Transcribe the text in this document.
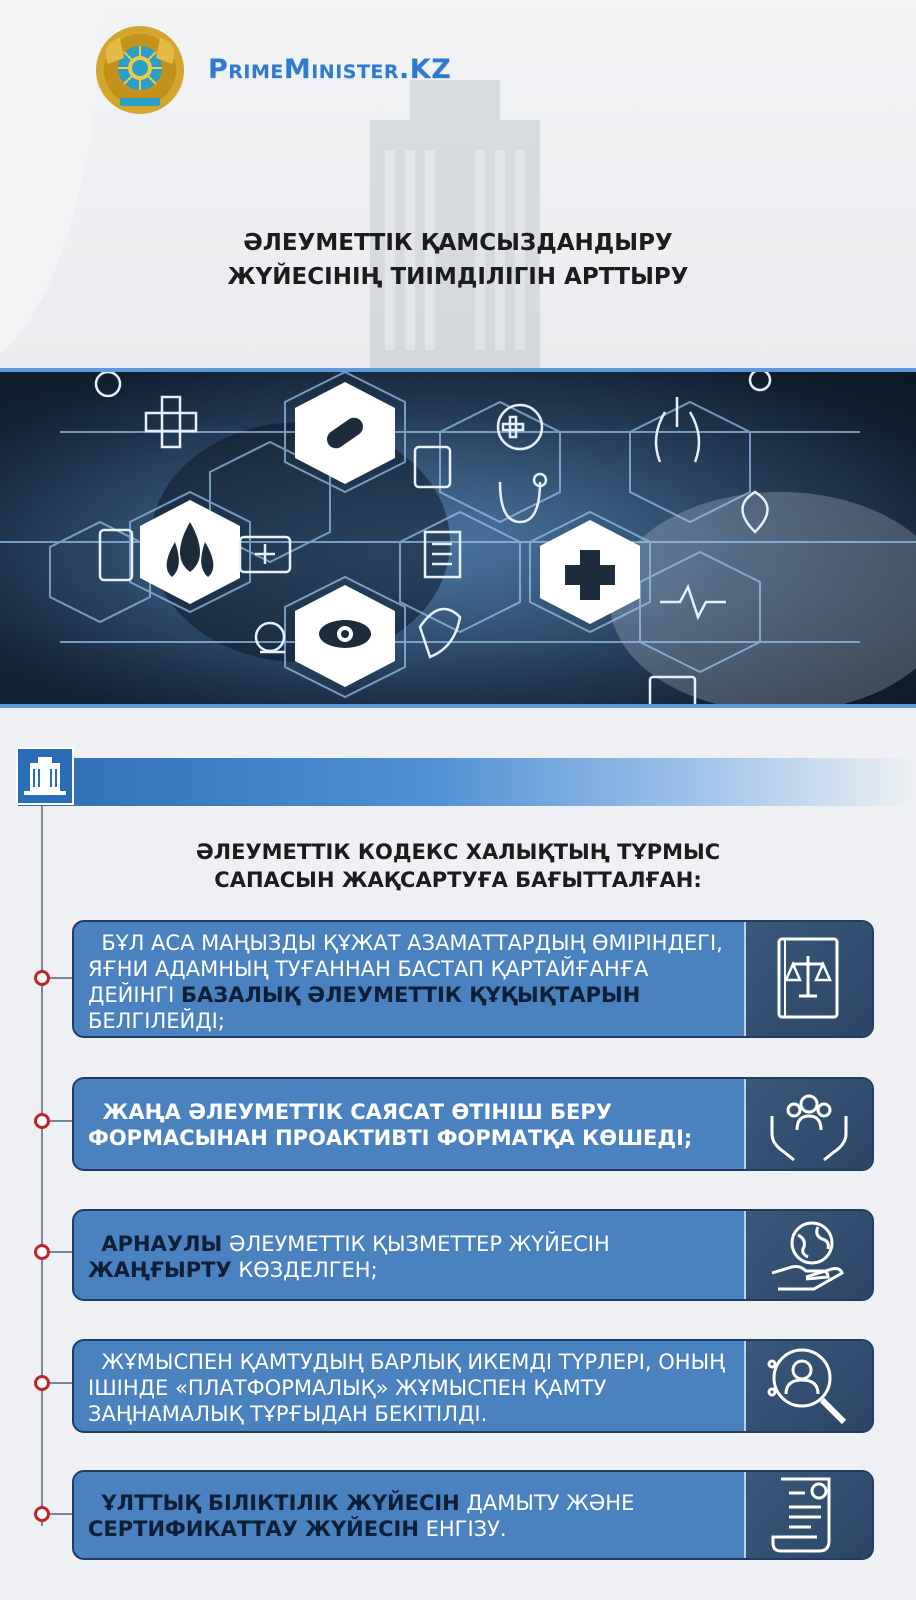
PrimeMinister.KZ
ӘЛЕУМЕТТІК ҚАМСЫЗДАНДЫРУ
ЖҮЙЕСІНІҢ ТИІМДІЛІГІН АРТТЫРУ
ӘЛЕУМЕТТІК КОДЕКС ХАЛЫҚТЫҢ ТҰРМЫС
САПАСЫН ЖАҚСАРТУҒА БАҒЫТТАЛҒАН:
БҰЛ АСА МАҢЫЗДЫ ҚҰЖАТ АЗАМАТТАРДЫҢ ӨМІРІНДЕГІ, ЯҒНИ АДАМНЫҢ ТУҒАННАН БАСТАП ҚАРТАЙҒАНҒА ДЕЙІНГІ БАЗАЛЫҚ ӘЛЕУМЕТТІК ҚҰҚЫҚТАРЫН БЕЛГІЛЕЙДІ;
ЖАҢА ӘЛЕУМЕТТІК САЯСАТ ӨТІНІШ БЕРУ ФОРМАСЫНАН ПРОАКТИВТІ ФОРМАТҚА КӨШЕДІ;
АРНАУЛЫ ӘЛЕУМЕТТІК ҚЫЗМЕТТЕР ЖҮЙЕСІН ЖАҢҒЫРТУ КӨЗДЕЛГЕН;
ЖҰМЫСПЕН ҚАМТУДЫҢ БАРЛЫҚ ИКЕМДІ ТҮРЛЕРІ, ОНЫҢ ІШІНДЕ «ПЛАТФОРМАЛЫҚ» ЖҰМЫСПЕН ҚАМТУ ЗАҢНАМАЛЫҚ ТҰРҒЫДАН БЕКІТІЛДІ.
ҰЛТТЫҚ БІЛІКТІЛІК ЖҮЙЕСІН ДАМЫТУ ЖӘНЕ СЕРТИФИКАТТАУ ЖҮЙЕСІН ЕНГІЗУ.
